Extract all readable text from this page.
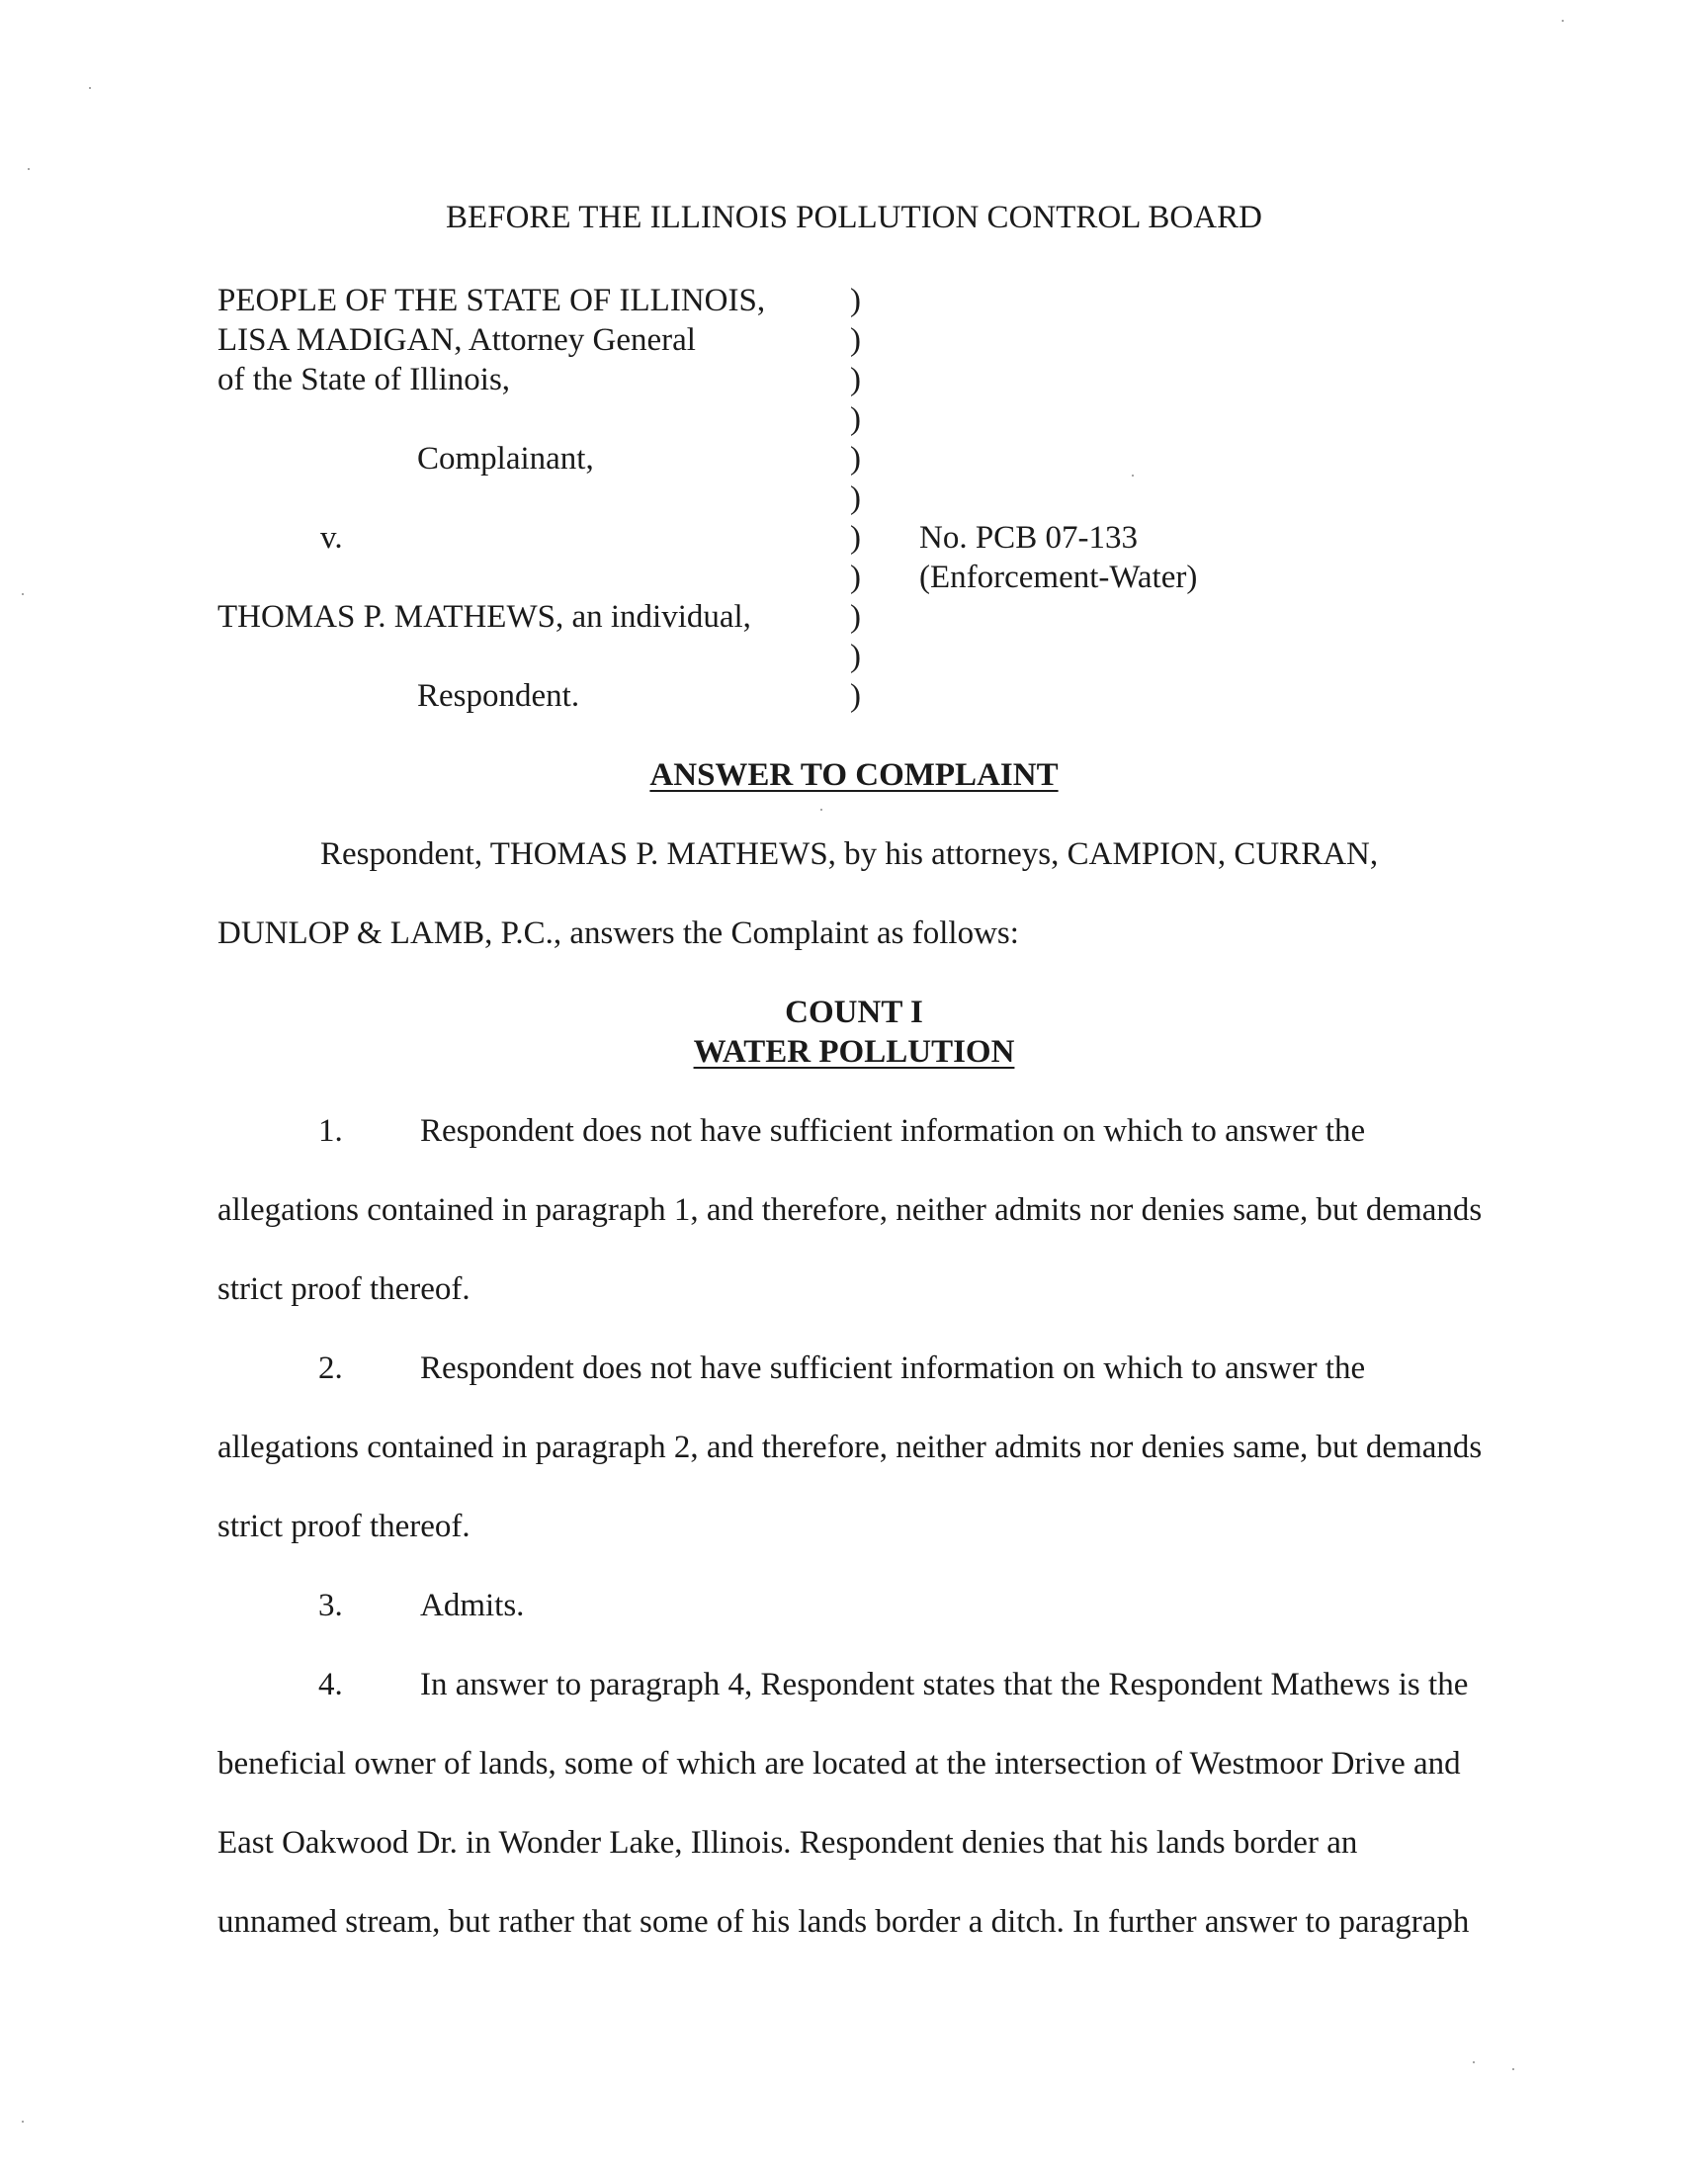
BEFORE THE ILLINOIS POLLUTION CONTROL BOARD
PEOPLE OF THE STATE OF ILLINOIS,
LISA MADIGAN, Attorney General
of the State of Illinois,
Complainant,
v.
THOMAS P. MATHEWS, an individual,
Respondent.
)
)
)
)
)
)
)
)
)
)
)
No. PCB 07-133
(Enforcement-Water)
ANSWER TO COMPLAINT
Respondent, THOMAS P. MATHEWS, by his attorneys, CAMPION, CURRAN,
DUNLOP & LAMB, P.C., answers the Complaint as follows:
COUNT I
WATER POLLUTION
1. Respondent does not have sufficient information on which to answer the
allegations contained in paragraph 1, and therefore, neither admits nor denies same, but demands
strict proof thereof.
2. Respondent does not have sufficient information on which to answer the
allegations contained in paragraph 2, and therefore, neither admits nor denies same, but demands
strict proof thereof.
3. Admits.
4. In answer to paragraph 4, Respondent states that the Respondent Mathews is the
beneficial owner of lands, some of which are located at the intersection of Westmoor Drive and
East Oakwood Dr. in Wonder Lake, Illinois. Respondent denies that his lands border an
unnamed stream, but rather that some of his lands border a ditch. In further answer to paragraph
